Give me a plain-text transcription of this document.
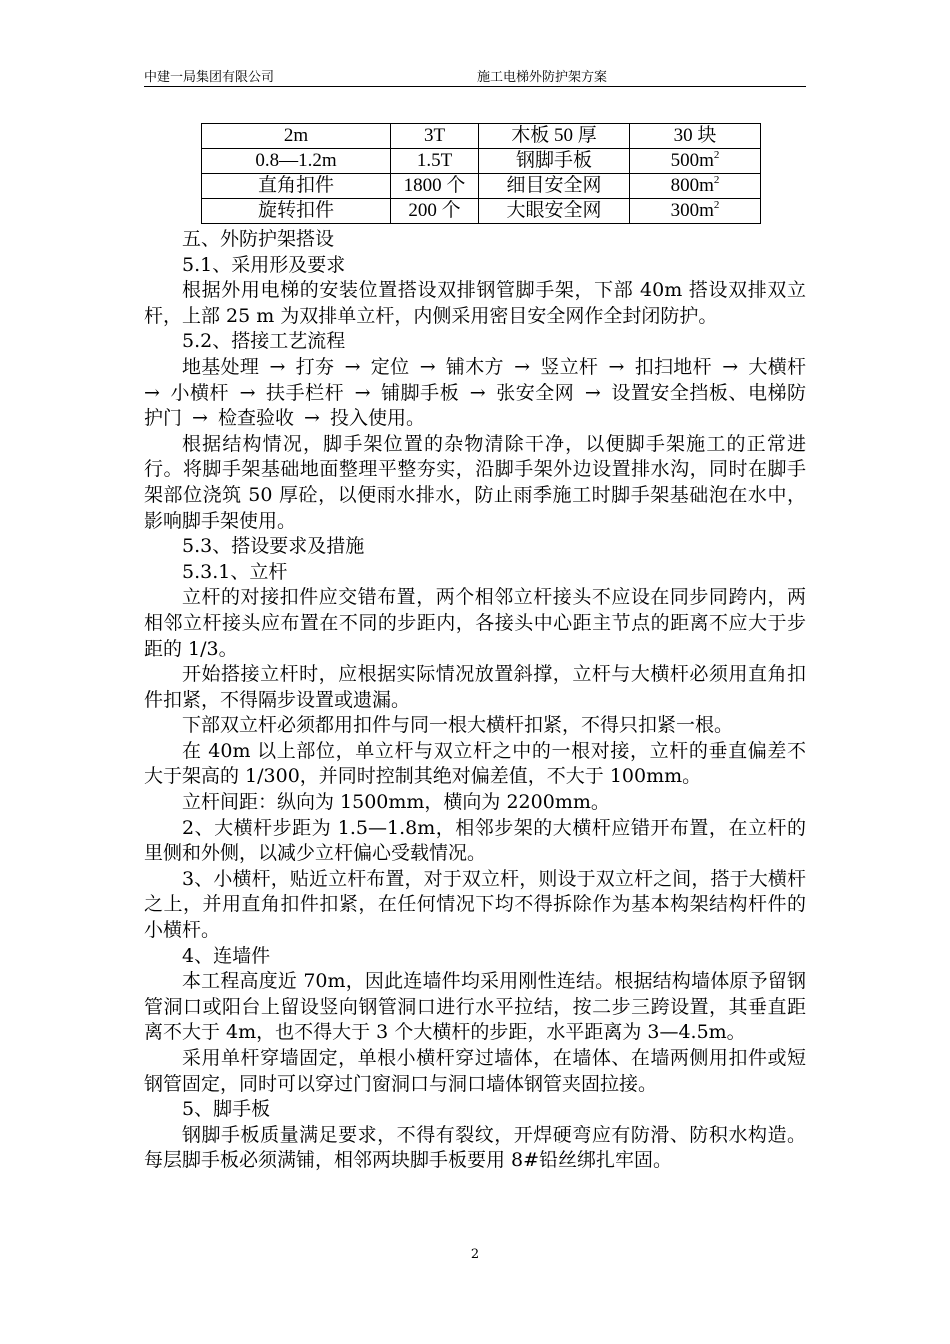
中建一局集团有限公司	施工电梯外防护架方案
2m	3T	木板 50 厚	30 块
0.8—1.2m	1.5T	钢脚手板	$500m^2$
直角扣件	1800 个	细目安全网	$800m^2$
旋转扣件	200 个	大眼安全网	$300m^2$

五、外防护架搭设

5.1、采用形及要求

根据外用电梯的安装位置搭设双排钢管脚手架，下部 40m 搭设双排双立杆，上部 25 m 为双排单立杆，内侧采用密目安全网作全封闭防护。

5.2、搭接工艺流程

地基处理 → 打夯 → 定位 → 铺木方 → 竖立杆 → 扣扫地杆 → 大横杆 → 小横杆 → 扶手栏杆 → 铺脚手板 → 张安全网 → 设置安全挡板、电梯防护门 → 检查验收 → 投入使用。

根据结构情况，脚手架位置的杂物清除干净，以便脚手架施工的正常进行。将脚手架基础地面整理平整夯实，沿脚手架外边设置排水沟，同时在脚手架部位浇筑 50 厚砼，以便雨水排水，防止雨季施工时脚手架基础泡在水中，影响脚手架使用。

5.3、搭设要求及措施

5.3.1、立杆

立杆的对接扣件应交错布置，两个相邻立杆接头不应设在同步同跨内，两相邻立杆接头应布置在不同的步距内，各接头中心距主节点的距离不应大于步距的 1/3。

开始搭接立杆时，应根据实际情况放置斜撑，立杆与大横杆必须用直角扣件扣紧，不得隔步设置或遗漏。

下部双立杆必须都用扣件与同一根大横杆扣紧，不得只扣紧一根。

在 40m 以上部位，单立杆与双立杆之中的一根对接，立杆的垂直偏差不大于架高的 1/300，并同时控制其绝对偏差值，不大于 100mm。

立杆间距：纵向为 1500mm，横向为 2200mm。

2、大横杆步距为 1.5—1.8m，相邻步架的大横杆应错开布置，在立杆的里侧和外侧，以减少立杆偏心受载情况。

3、小横杆，贴近立杆布置，对于双立杆，则设于双立杆之间，搭于大横杆之上，并用直角扣件扣紧，在任何情况下均不得拆除作为基本构架结构杆件的小横杆。

4、连墙件

本工程高度近 70m，因此连墙件均采用刚性连结。根据结构墙体原予留钢管洞口或阳台上留设竖向钢管洞口进行水平拉结，按二步三跨设置，其垂直距离不大于 4m，也不得大于 3 个大横杆的步距，水平距离为 3—4.5m。

采用单杆穿墙固定，单根小横杆穿过墙体，在墙体、在墙两侧用扣件或短钢管固定，同时可以穿过门窗洞口与洞口墙体钢管夹固拉接。

5、脚手板

钢脚手板质量满足要求，不得有裂纹，开焊硬弯应有防滑、防积水构造。每层脚手板必须满铺，相邻两块脚手板要用 8#铅丝绑扎牢固。

2
